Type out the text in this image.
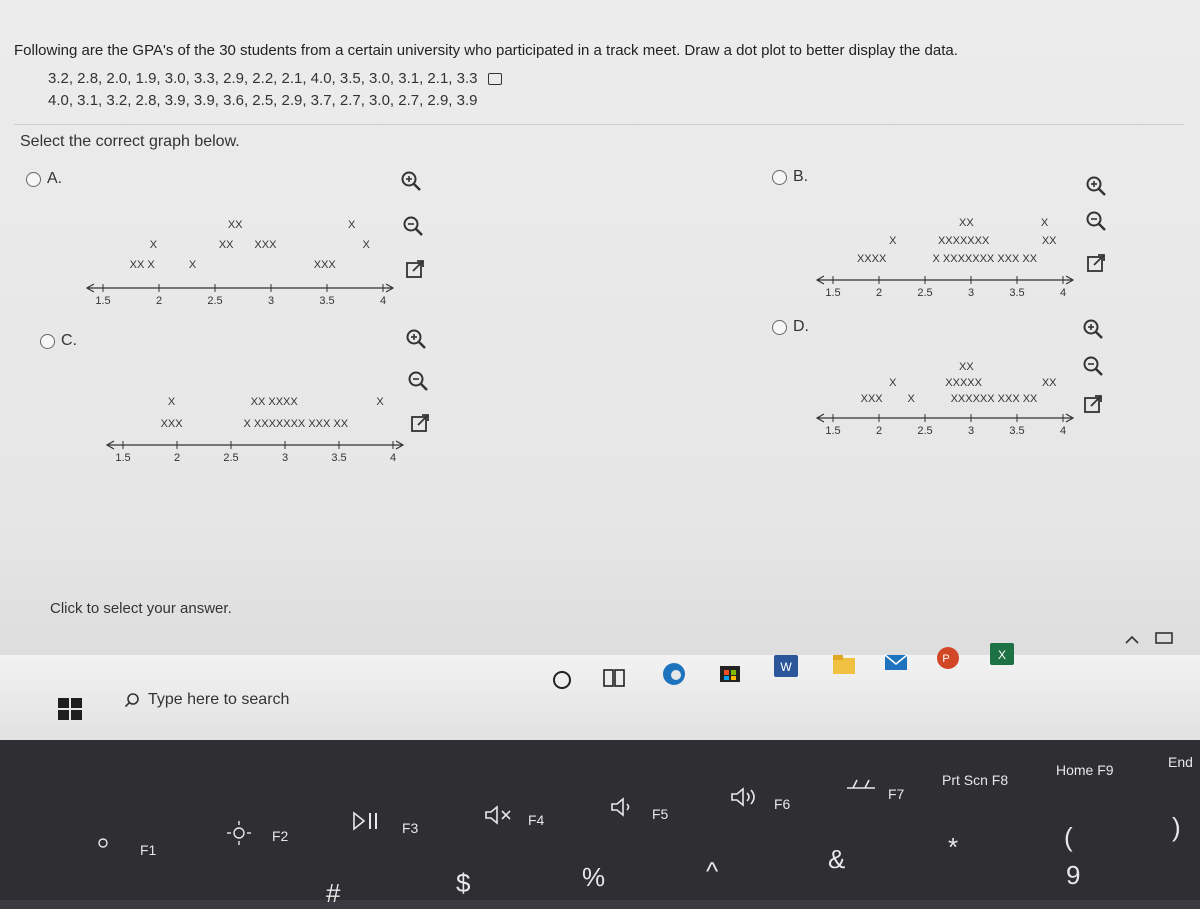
Following are the GPA's of the 30 students from a certain university who participated in a track meet. Draw a dot plot to better display the data.
3.2, 2.8, 2.0, 1.9, 3.0, 3.3, 2.9, 2.2, 2.1, 4.0, 3.5, 3.0, 3.1, 2.1, 3.3
4.0, 3.1, 3.2, 2.8, 3.9, 3.9, 3.6, 2.5, 2.9, 3.7, 2.7, 3.0, 2.7, 2.9, 3.9
Select the correct graph below.
A.
1.5	2	2.5	3	3.5	4
XX	X
X	XX XXX	X
XX X	X	XXX
B.
1.5	2	2.5	3	3.5	4
XX	X
X	XXXXXXX	XX
XXXX	X XXXXXXX XXX XX
C.
1.5	2	2.5	3	3.5	4
X	XX XXXX	X
XXX	X XXXXXXX XXX XX
D.
1.5	2	2.5	3	3.5	4
XX
X	XXXXX	XX
XXX X	XXXXXX XXX XX
Click to select your answer.
Type here to search
W
P	X
F1
F2	F3	F4	F5
F6
F7
Prt Scn F8
Home F9	End
#	$	%	^	&	*	(
9
)
